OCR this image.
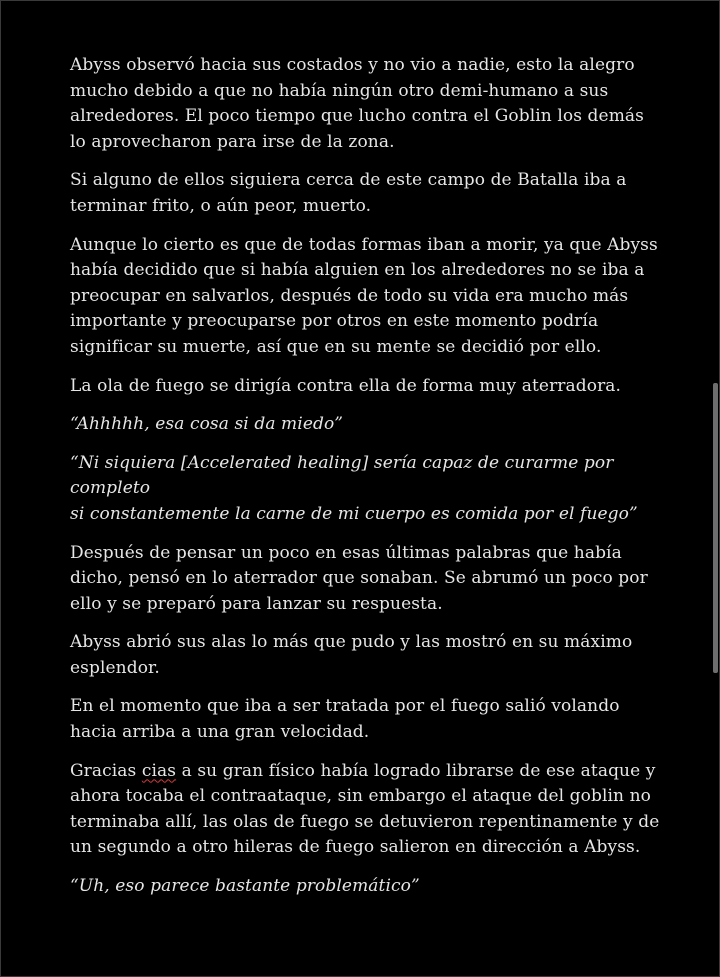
Abyss observó hacia sus costados y no vio a nadie, esto la alegro
mucho debido a que no había ningún otro demi-humano a sus
alrededores. El poco tiempo que lucho contra el Goblin los demás
lo aprovecharon para irse de la zona.

Si alguno de ellos siguiera cerca de este campo de Batalla iba a
terminar frito, o aún peor, muerto.

Aunque lo cierto es que de todas formas iban a morir, ya que Abyss
había decidido que si había alguien en los alrededores no se iba a
preocupar en salvarlos, después de todo su vida era mucho más
importante y preocuparse por otros en este momento podría
significar su muerte, así que en su mente se decidió por ello.

La ola de fuego se dirigía contra ella de forma muy aterradora.

“Ahhhhh, esa cosa si da miedo”

“Ni siquiera [Accelerated healing] sería capaz de curarme por completo
si constantemente la carne de mi cuerpo es comida por el fuego”

Después de pensar un poco en esas últimas palabras que había
dicho, pensó en lo aterrador que sonaban. Se abrumó un poco por
ello y se preparó para lanzar su respuesta.

Abyss abrió sus alas lo más que pudo y las mostró en su máximo
esplendor.

En el momento que iba a ser tratada por el fuego salió volando
hacia arriba a una gran velocidad.

Gracias cias a su gran físico había logrado librarse de ese ataque y
ahora tocaba el contraataque, sin embargo el ataque del goblin no
terminaba allí, las olas de fuego se detuvieron repentinamente y de
un segundo a otro hileras de fuego salieron en dirección a Abyss.

“Uh, eso parece bastante problemático”
